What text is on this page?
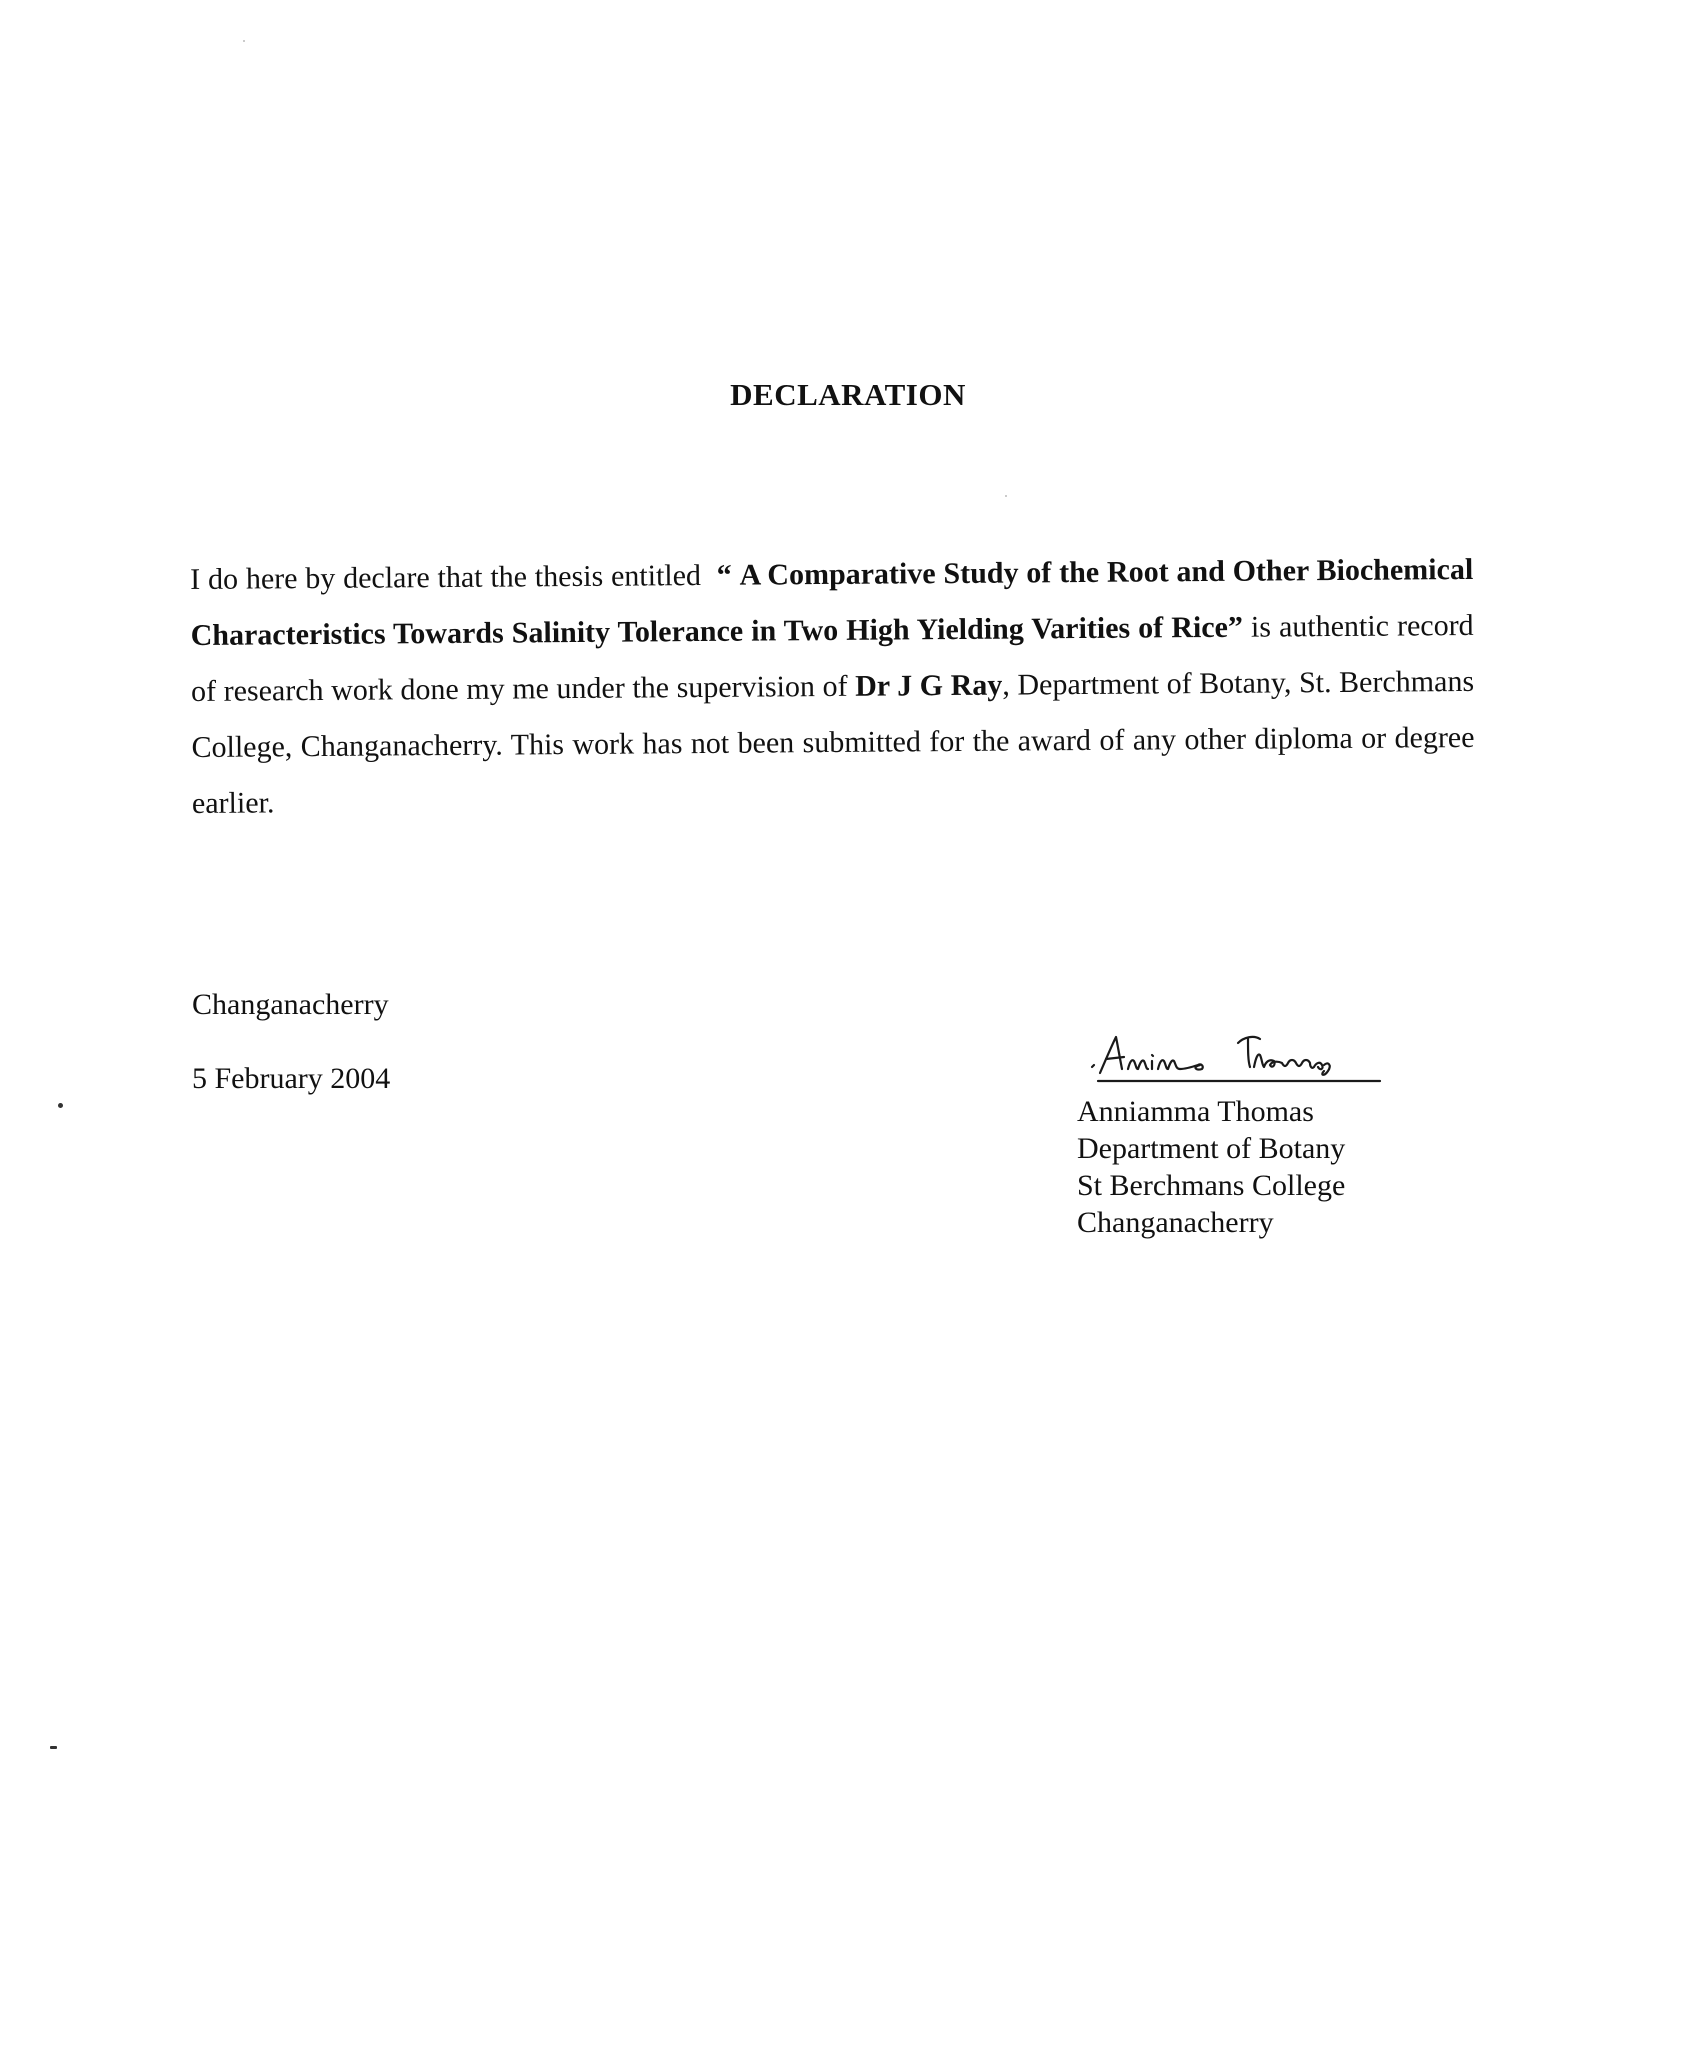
DECLARATION

I do here by declare that the thesis entitled “ A Comparative Study of the Root and Other Biochemical Characteristics Towards Salinity Tolerance in Two High Yielding Varities of Rice” is authentic record of research work done my me under the supervision of Dr J G Ray, Department of Botany, St. Berchmans College, Changanacherry. This work has not been submitted for the award of any other diploma or degree earlier.

Changanacherry
5 February 2004
Anniamma Thomas
Department of Botany
St Berchmans College
Changanacherry
